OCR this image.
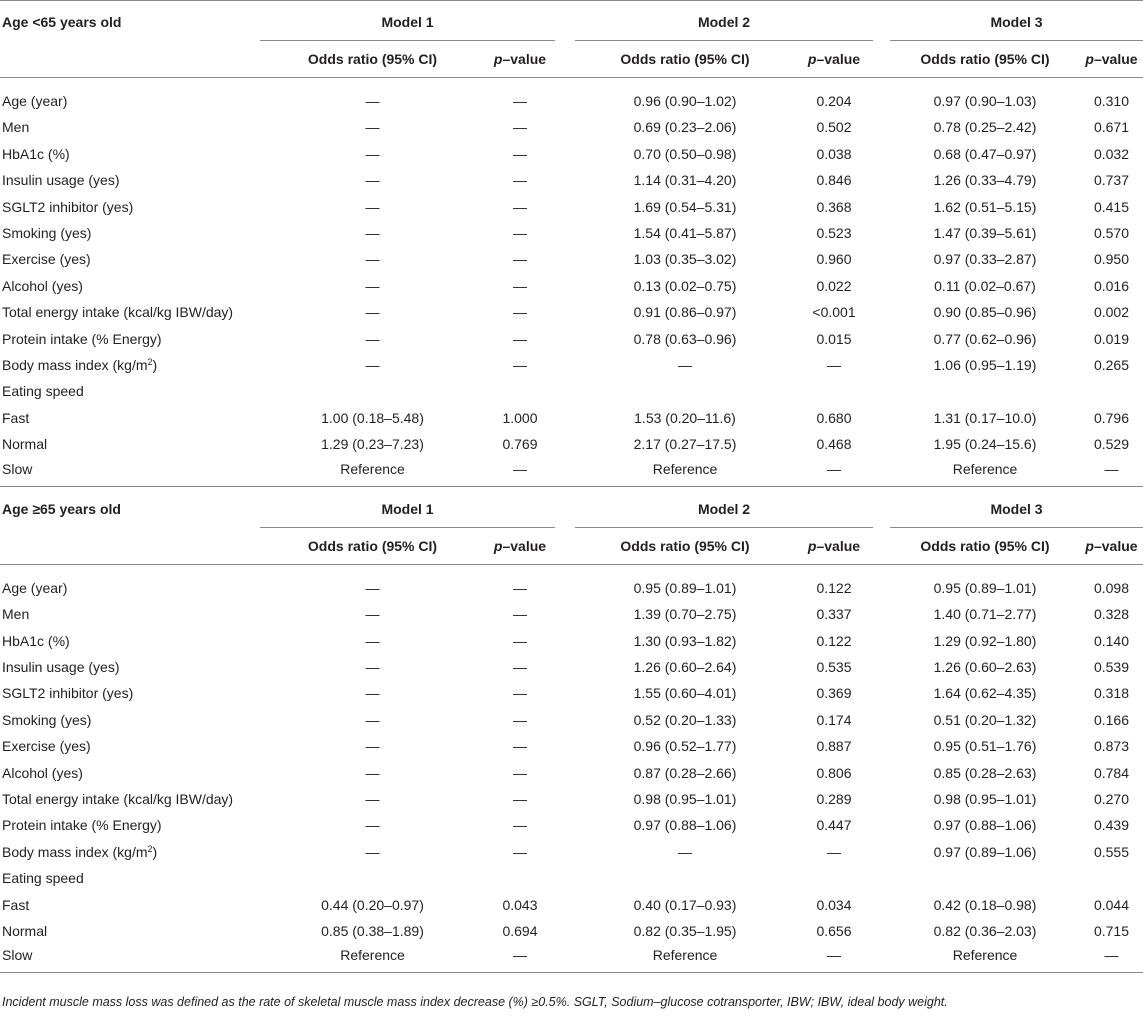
Age <65 years old	Model 1			Model 2			Model 3	
	Odds ratio (95% CI)	p–value		Odds ratio (95% CI)	p–value		Odds ratio (95% CI)	p–value
Age (year)	—	—		0.96 (0.90–1.02)	0.204		0.97 (0.90–1.03)	0.310
Men	—	—		0.69 (0.23–2.06)	0.502		0.78 (0.25–2.42)	0.671
HbA1c (%)	—	—		0.70 (0.50–0.98)	0.038		0.68 (0.47–0.97)	0.032
Insulin usage (yes)	—	—		1.14 (0.31–4.20)	0.846		1.26 (0.33–4.79)	0.737
SGLT2 inhibitor (yes)	—	—		1.69 (0.54–5.31)	0.368		1.62 (0.51–5.15)	0.415
Smoking (yes)	—	—		1.54 (0.41–5.87)	0.523		1.47 (0.39–5.61)	0.570
Exercise (yes)	—	—		1.03 (0.35–3.02)	0.960		0.97 (0.33–2.87)	0.950
Alcohol (yes)	—	—		0.13 (0.02–0.75)	0.022		0.11 (0.02–0.67)	0.016
Total energy intake (kcal/kg IBW/day)	—	—		0.91 (0.86–0.97)	<0.001		0.90 (0.85–0.96)	0.002
Protein intake (% Energy)	—	—		0.78 (0.63–0.96)	0.015		0.77 (0.62–0.96)	0.019
Body mass index $(kg/m^2)$	—	—		—	—		1.06 (0.95–1.19)	0.265
Eating speed								
Fast	1.00 (0.18–5.48)	1.000		1.53 (0.20–11.6)	0.680		1.31 (0.17–10.0)	0.796
Normal	1.29 (0.23–7.23)	0.769		2.17 (0.27–17.5)	0.468		1.95 (0.24–15.6)	0.529
Slow	Reference	—		Reference	—		Reference	—
Age ≥65 years old	Model 1			Model 2			Model 3	
	Odds ratio (95% CI)	p–value		Odds ratio (95% CI)	p–value		Odds ratio (95% CI)	p–value
Age (year)	—	—		0.95 (0.89–1.01)	0.122		0.95 (0.89–1.01)	0.098
Men	—	—		1.39 (0.70–2.75)	0.337		1.40 (0.71–2.77)	0.328
HbA1c (%)	—	—		1.30 (0.93–1.82)	0.122		1.29 (0.92–1.80)	0.140
Insulin usage (yes)	—	—		1.26 (0.60–2.64)	0.535		1.26 (0.60–2.63)	0.539
SGLT2 inhibitor (yes)	—	—		1.55 (0.60–4.01)	0.369		1.64 (0.62–4.35)	0.318
Smoking (yes)	—	—		0.52 (0.20–1.33)	0.174		0.51 (0.20–1.32)	0.166
Exercise (yes)	—	—		0.96 (0.52–1.77)	0.887		0.95 (0.51–1.76)	0.873
Alcohol (yes)	—	—		0.87 (0.28–2.66)	0.806		0.85 (0.28–2.63)	0.784
Total energy intake (kcal/kg IBW/day)	—	—		0.98 (0.95–1.01)	0.289		0.98 (0.95–1.01)	0.270
Protein intake (% Energy)	—	—		0.97 (0.88–1.06)	0.447		0.97 (0.88–1.06)	0.439
Body mass index $(kg/m^2)$	—	—		—	—		0.97 (0.89–1.06)	0.555
Eating speed								
Fast	0.44 (0.20–0.97)	0.043		0.40 (0.17–0.93)	0.034		0.42 (0.18–0.98)	0.044
Normal	0.85 (0.38–1.89)	0.694		0.82 (0.35–1.95)	0.656		0.82 (0.36–2.03)	0.715
Slow	Reference	—		Reference	—		Reference	—
Incident muscle mass loss was defined as the rate of skeletal muscle mass index decrease (%) ≥0.5%. SGLT, Sodium–glucose cotransporter, IBW; IBW, ideal body weight.
